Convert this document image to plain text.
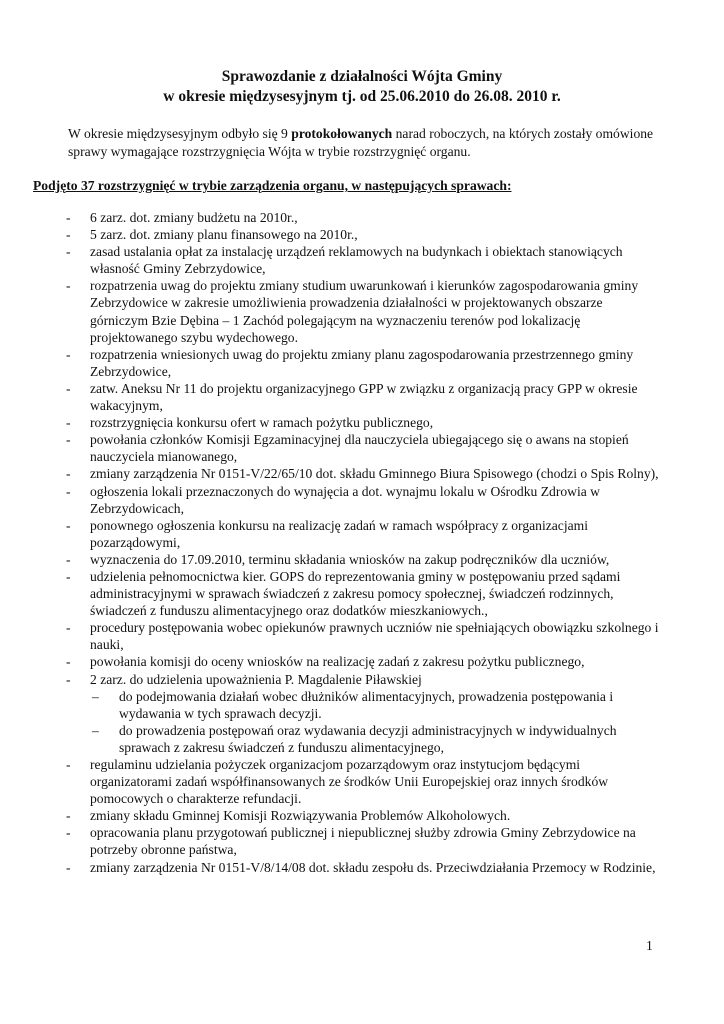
Sprawozdanie z działalności Wójta Gminy
w okresie międzysesyjnym tj. od 25.06.2010 do 26.08. 2010 r.

W okresie międzysesyjnym odbyło się 9 protokołowanych narad roboczych, na których zostały omówione sprawy wymagające rozstrzygnięcia Wójta w trybie rozstrzygnięć organu.

Podjęto 37 rozstrzygnięć w trybie zarządzenia organu, w następujących sprawach:
- 6 zarz. dot. zmiany budżetu na 2010r.,
- 5 zarz. dot. zmiany planu finansowego na 2010r.,
- zasad ustalania opłat za instalację urządzeń reklamowych na budynkach i obiektach stanowiących własność Gminy Zebrzydowice,
- rozpatrzenia uwag do projektu zmiany studium uwarunkowań i kierunków zagospodarowania gminy Zebrzydowice w zakresie umożliwienia prowadzenia działalności w projektowanych obszarze górniczym Bzie Dębina – 1 Zachód polegającym na wyznaczeniu terenów pod lokalizację projektowanego szybu wydechowego.
- rozpatrzenia wniesionych uwag do projektu zmiany planu zagospodarowania przestrzennego gminy Zebrzydowice,
- zatw. Aneksu Nr 11 do projektu organizacyjnego GPP w związku z organizacją pracy GPP w okresie wakacyjnym,
- rozstrzygnięcia konkursu ofert w ramach pożytku publicznego,
- powołania członków Komisji Egzaminacyjnej dla nauczyciela ubiegającego się o awans na stopień nauczyciela mianowanego,
- zmiany zarządzenia Nr 0151-V/22/65/10 dot. składu Gminnego Biura Spisowego (chodzi o Spis Rolny),
- ogłoszenia lokali przeznaczonych do wynajęcia a dot. wynajmu lokalu w Ośrodku Zdrowia w Zebrzydowicach,
- ponownego ogłoszenia konkursu na realizację zadań w ramach współpracy z organizacjami pozarządowymi,
- wyznaczenia do 17.09.2010, terminu składania wniosków na zakup podręczników dla uczniów,
- udzielenia pełnomocnictwa kier. GOPS do reprezentowania gminy w postępowaniu przed sądami administracyjnymi w sprawach świadczeń z zakresu pomocy społecznej, świadczeń rodzinnych, świadczeń z funduszu alimentacyjnego oraz dodatków mieszkaniowych.,
- procedury postępowania wobec opiekunów prawnych uczniów nie spełniających obowiązku szkolnego i nauki,
- powołania komisji do oceny wniosków na realizację zadań z zakresu pożytku publicznego,
- 2 zarz. do udzielenia upoważnienia P. Magdalenie Piławskiej
– do podejmowania działań wobec dłużników alimentacyjnych, prowadzenia postępowania i wydawania w tych sprawach decyzji.
– do prowadzenia postępowań oraz wydawania decyzji administracyjnych w indywidualnych sprawach z zakresu świadczeń z funduszu alimentacyjnego,
- regulaminu udzielania pożyczek organizacjom pozarządowym oraz instytucjom będącymi organizatorami zadań współfinansowanych ze środków Unii Europejskiej oraz innych środków pomocowych o charakterze refundacji.
- zmiany składu Gminnej Komisji Rozwiązywania Problemów Alkoholowych.
- opracowania planu przygotowań publicznej i niepublicznej służby zdrowia Gminy Zebrzydowice na potrzeby obronne państwa,
- zmiany zarządzenia Nr 0151-V/8/14/08 dot. składu zespołu ds. Przeciwdziałania Przemocy w Rodzinie,
1
